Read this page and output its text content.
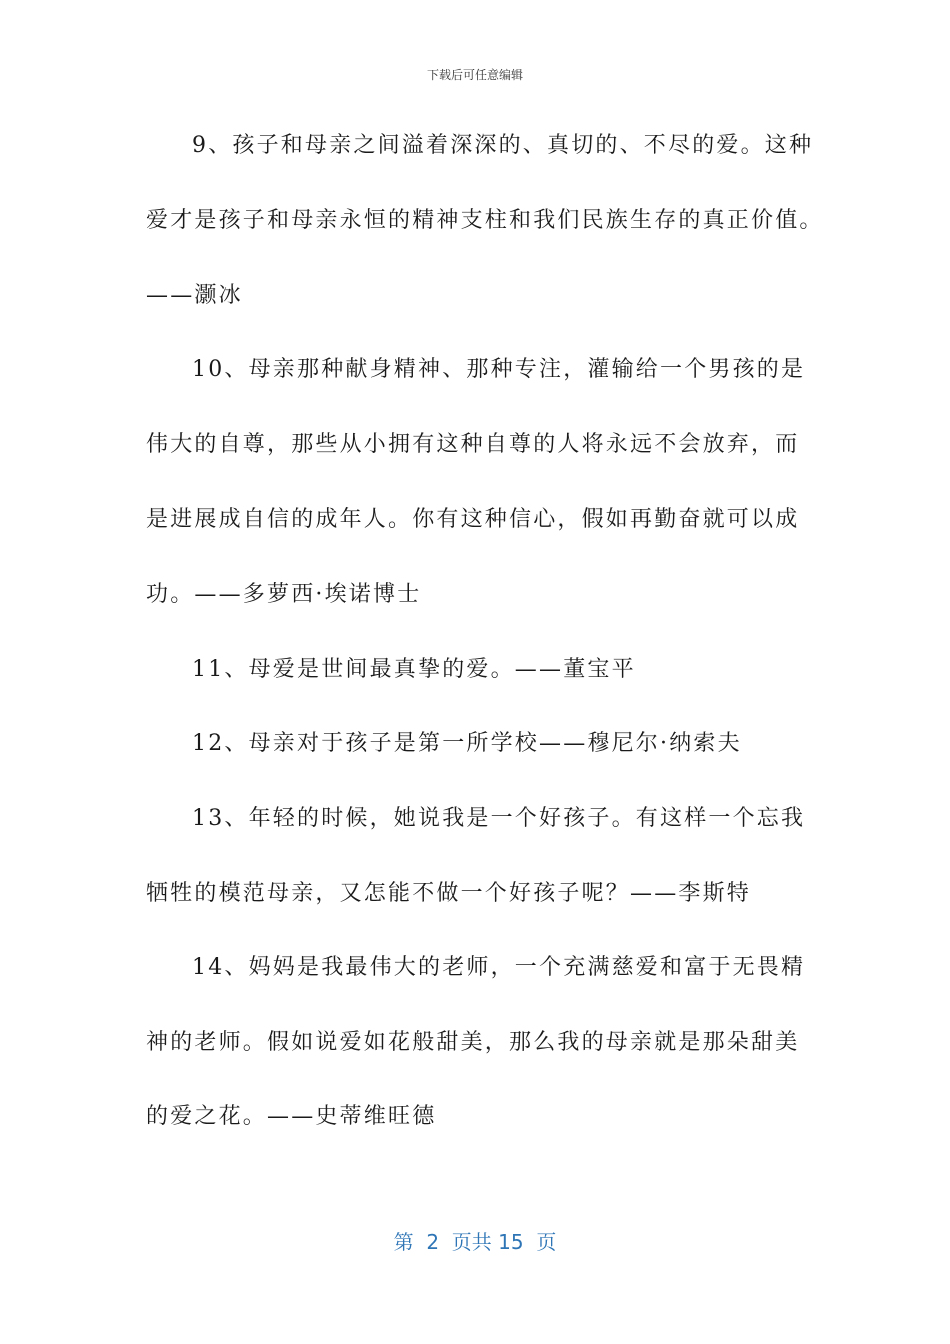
下载后可任意编辑
9、孩子和母亲之间溢着深深的、真切的、不尽的爱。这种
爱才是孩子和母亲永恒的精神支柱和我们民族生存的真正价值。
——灏冰
10、母亲那种献身精神、那种专注，灌输给一个男孩的是
伟大的自尊，那些从小拥有这种自尊的人将永远不会放弃，而
是进展成自信的成年人。你有这种信心，假如再勤奋就可以成
功。——多萝西·埃诺博士
11、母爱是世间最真挚的爱。——董宝平
12、母亲对于孩子是第一所学校——穆尼尔·纳索夫
13、年轻的时候，她说我是一个好孩子。有这样一个忘我
牺牲的模范母亲，又怎能不做一个好孩子呢？——李斯特
14、妈妈是我最伟大的老师，一个充满慈爱和富于无畏精
神的老师。假如说爱如花般甜美，那么我的母亲就是那朵甜美
的爱之花。——史蒂维旺德
第  2  页共 15  页
